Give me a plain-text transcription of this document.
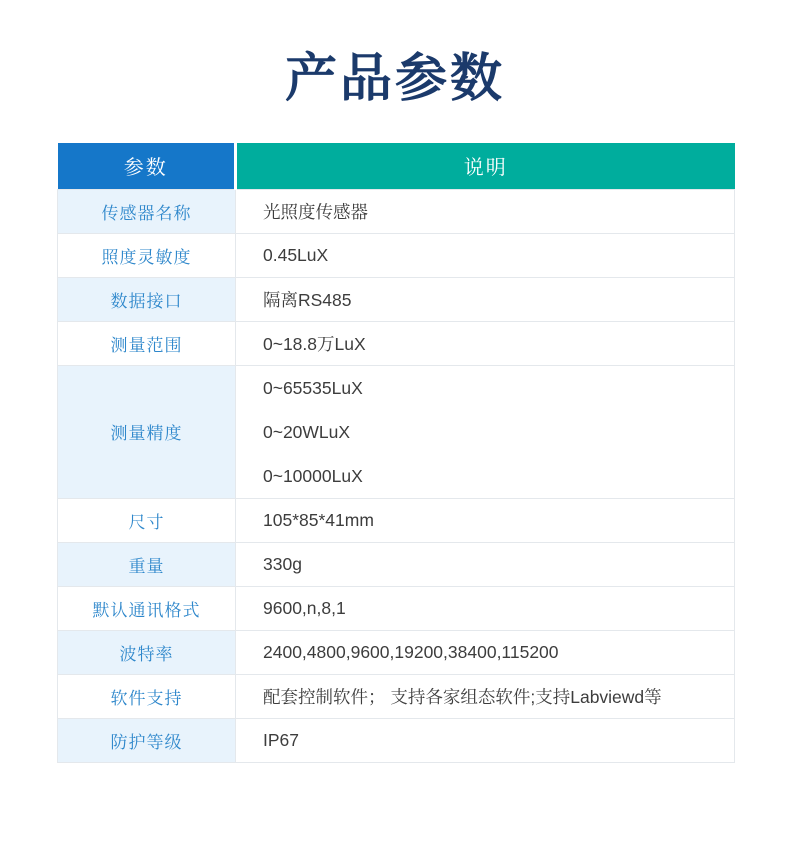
产品参数
参数	说明
传感器名称	光照度传感器
照度灵敏度	0.45LuX
数据接口	隔离RS485
测量范围	0~18.8万LuX
测量精度	0~65535LuX

0~20WLuX

0~10000LuX

尺寸	105*85*41mm
重量	330g
默认通讯格式	9600,n,8,1
波特率	2400,4800,9600,19200,38400,115200
软件支持	配套控制软件； 支持各家组态软件;支持Labviewd等
防护等级	IP67
